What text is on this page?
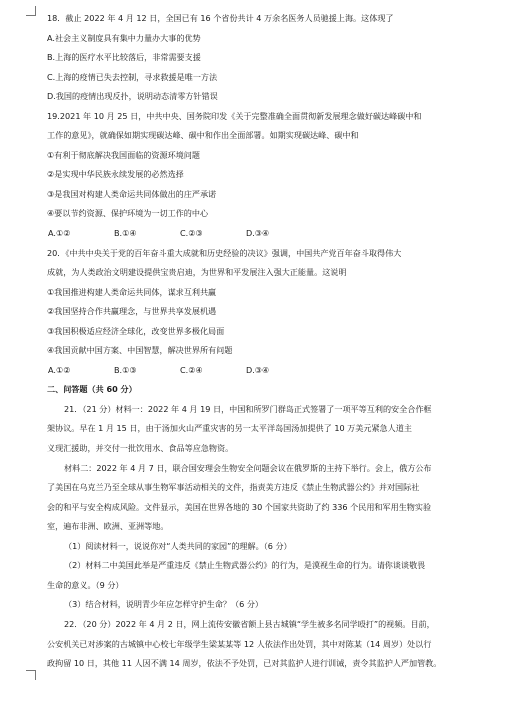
18．截止 2022 年 4 月 12 日，全国已有 16 个省份共计 4 万余名医务人员驰援上海。这体现了
A.社会主义制度具有集中力量办大事的优势
B.上海的医疗水平比较落后，非常需要支援
C.上海的疫情已失去控制，寻求救援是唯一方法
D.我国的疫情出现反扑，说明动态清零方针错误
19.2021 年 10 月 25 日，中共中央、国务院印发《关于完整准确全面贯彻新发展理念做好碳达峰碳中和
工作的意见》，就确保如期实现碳达峰、碳中和作出全面部署。如期实现碳达峰、碳中和
①有利于彻底解决我国面临的资源环境问题
②是实现中华民族永续发展的必然选择
③是我国对构建人类命运共同体做出的庄严承诺
④要以节约资源、保护环境为一切工作的中心
A.①②	B.①④	C.②③	D.③④
20．《中共中央关于党的百年奋斗重大成就和历史经验的决议》强调，中国共产党百年奋斗取得伟大
成就，为人类政治文明建设提供宝贵启迪，为世界和平发展注入强大正能量。这说明
①我国推进构建人类命运共同体，谋求互利共赢
②我国坚持合作共赢理念，与世界共享发展机遇
③我国积极适应经济全球化，改变世界多极化局面
④我国贡献中国方案、中国智慧，解决世界所有问题
A.①②	B.①③	C.②④	D.③④
二、问答题（共 60 分）
21．（21 分）材料一：2022 年 4 月 19 日，中国和所罗门群岛正式签署了一项平等互利的安全合作框
架协议。早在 1 月 15 日，由于汤加火山严重灾害的另一太平洋岛国汤加提供了 10 万美元紧急人道主
义现汇援助，并交付一批饮用水、食品等应急物资。
材料二：2022 年 4 月 7 日，联合国安理会生物安全问题会议在俄罗斯的主持下举行。会上，俄方公布
了美国在乌克兰乃至全球从事生物军事活动相关的文件，指责美方违反《禁止生物武器公约》并对国际社
会的和平与安全构成风险。文件显示，美国在世界各地的 30 个国家共资助了约 336 个民用和军用生物实验
室，遍布非洲、欧洲、亚洲等地。
（1）阅读材料一，说说你对“人类共同的家园”的理解。（6 分）
（2）材料二中美国此举是严重违反《禁止生物武器公约》的行为，是漠视生命的行为。请你谈谈敬畏
生命的意义。（9 分）
（3）结合材料，说明青少年应怎样守护生命？（6 分）
22．（20 分）2022 年 4 月 2 日，网上流传安徽省额上县古城镇“学生被多名同学殴打”的视频。目前，
公安机关已对涉案的古城镇中心校七年级学生梁某某等 12 人依法作出处罚，其中对陈某（14 周岁）处以行
政拘留 10 日，其他 11 人因不满 14 周岁，依法不予处罚，已对其监护人进行训诫，责令其监护人严加管教。
